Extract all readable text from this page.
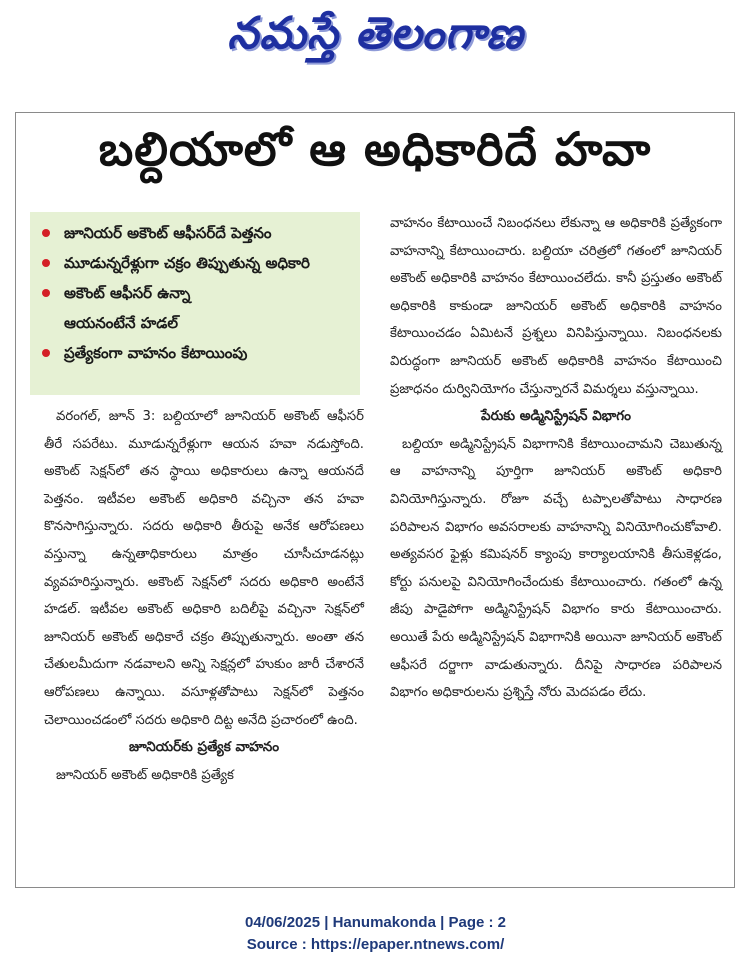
నమస్తే తెలంగాణ
బల్దియాలో ఆ అధికారిదే హవా
జూనియర్ అకౌంట్ ఆఫీసర్‌దే పెత్తనం
మూడున్నరేళ్లుగా చక్రం తిప్పుతున్న అధికారి
అకౌంట్ ఆఫీసర్ ఉన్నా
ఆయనంటేనే హడల్
ప్రత్యేకంగా వాహనం కేటాయింపు

వరంగల్, జూన్ 3: బల్దియాలో జూనియర్ అకౌంట్ ఆఫీసర్ తీరే సపరేటు. మూడున్నరేళ్లుగా ఆయన హవా నడుస్తోంది. అకౌంట్ సెక్షన్‌లో తన స్థాయి అధికారులు ఉన్నా ఆయనదే పెత్తనం. ఇటీవల అకౌంట్ అధికారి వచ్చినా తన హవా కొనసాగిస్తున్నారు. సదరు అధికారి తీరుపై అనేక ఆరోపణలు వస్తున్నా ఉన్నతాధికారులు మాత్రం చూసీచూడనట్లు వ్యవహరిస్తున్నారు. అకౌంట్ సెక్షన్‌లో సదరు అధికారి అంటేనే హడల్. ఇటీవల అకౌంట్ అధికారి బదిలీపై వచ్చినా సెక్షన్‌లో జూనియర్ అకౌంట్ అధికారే చక్రం తిప్పుతున్నారు. అంతా తన చేతులమీదుగా నడవాలని అన్ని సెక్షన్లలో హుకుం జారీ చేశారనే ఆరోపణలు ఉన్నాయి. వసూళ్లతోపాటు సెక్షన్‌లో పెత్తనం చెలాయించడంలో సదరు అధికారి దిట్ట అనేది ప్రచారంలో ఉంది.

జూనియర్‌కు ప్రత్యేక వాహనం

జూనియర్ అకౌంట్ అధికారికి ప్రత్యేక

వాహనం కేటాయించే నిబంధనలు లేకున్నా ఆ అధికారికి ప్రత్యేకంగా వాహనాన్ని కేటాయించారు. బల్దియా చరిత్రలో గతంలో జూనియర్ అకౌంట్ అధికారికి వాహనం కేటాయించలేదు. కానీ ప్రస్తుతం అకౌంట్ అధికారికి కాకుండా జూనియర్ అకౌంట్ అధికారికి వాహనం కేటాయించడం ఏమిటనే ప్రశ్నలు వినిపిస్తున్నాయి. నిబంధనలకు విరుద్ధంగా జూనియర్ అకౌంట్ అధికారికి వాహనం కేటాయించి ప్రజాధనం దుర్వినియోగం చేస్తున్నారనే విమర్శలు వస్తున్నాయి.

పేరుకు అడ్మినిస్ట్రేషన్ విభాగం

బల్దియా అడ్మినిస్ట్రేషన్ విభాగానికి కేటాయించామని చెబుతున్న ఆ వాహనాన్ని పూర్తిగా జూనియర్ అకౌంట్ అధికారి వినియోగిస్తున్నారు. రోజూ వచ్చే టప్పాలతోపాటు సాధారణ పరిపాలన విభాగం అవసరాలకు వాహనాన్ని వినియోగించుకోవాలి. అత్యవసర ఫైళ్లు కమిషనర్ క్యాంపు కార్యాలయానికి తీసుకెళ్లడం, కోర్టు పనులపై వినియోగించేందుకు కేటాయించారు. గతంలో ఉన్న జీపు పాడైపోగా అడ్మినిస్ట్రేషన్ విభాగం కారు కేటాయించారు. అయితే పేరు అడ్మినిస్ట్రేషన్ విభాగానికి అయినా జూనియర్ అకౌంట్ ఆఫీసరే దర్జాగా వాడుతున్నారు. దీనిపై సాధారణ పరిపాలన విభాగం అధికారులను ప్రశ్నిస్తే నోరు మెదపడం లేదు.

04/06/2025 | Hanumakonda | Page : 2
Source : https://epaper.ntnews.com/
